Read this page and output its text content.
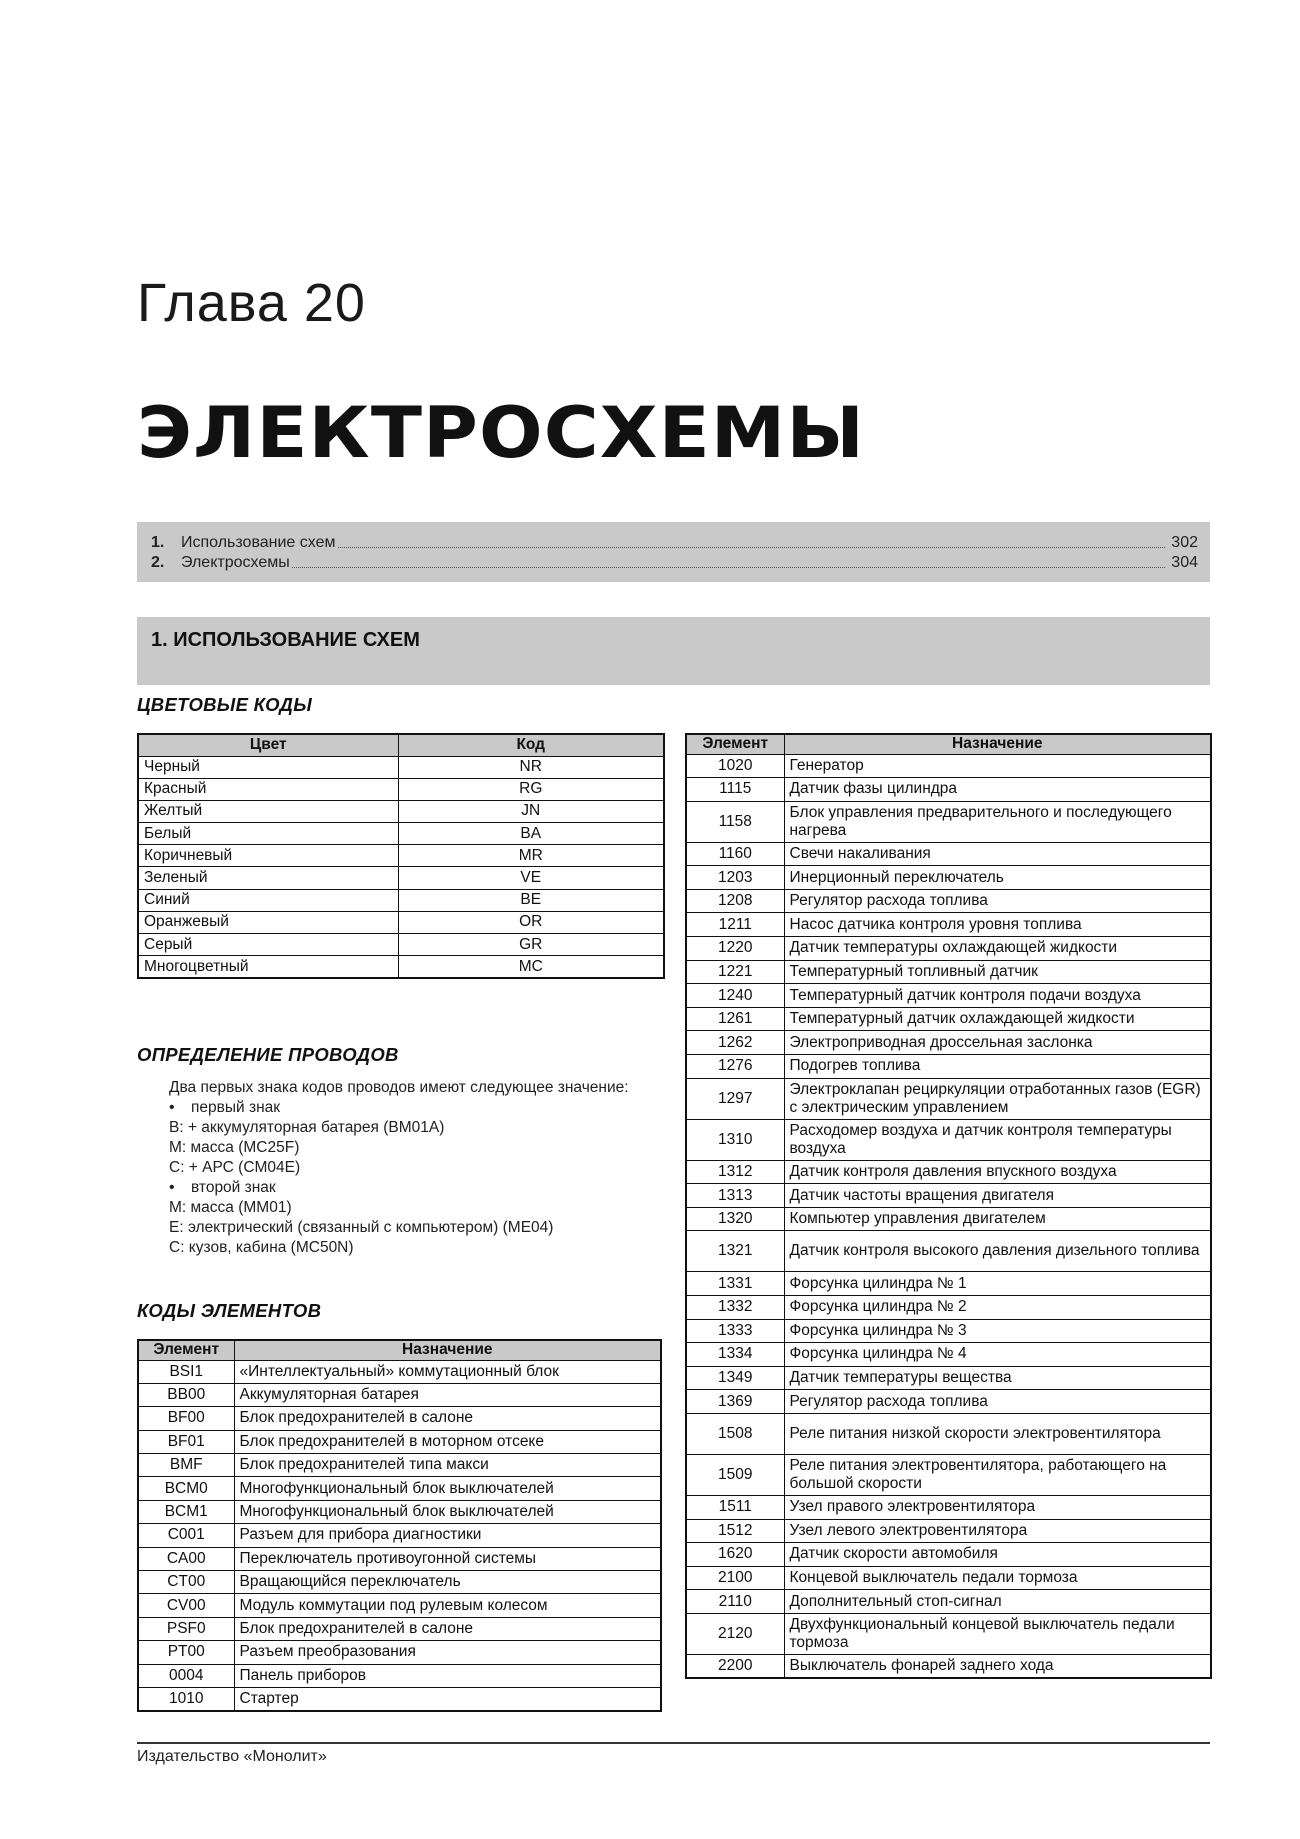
Глава 20
ЭЛЕКТРОСХЕМЫ
1.	Использование схем	302
2.	Электросхемы	304
1. ИСПОЛЬЗОВАНИЕ СХЕМ
ЦВЕТОВЫЕ КОДЫ
Цвет	Код
Черный	NR
Красный	RG
Желтый	JN
Белый	BA
Коричневый	MR
Зеленый	VE
Синий	BE
Оранжевый	OR
Серый	GR
Многоцветный	MC
ОПРЕДЕЛЕНИЕ ПРОВОДОВ
Два первых знака кодов проводов имеют следующее значение:
• первый знак
B: + аккумуляторная батарея (BM01A)
M: масса (MC25F)
C: + АРС (CM04E)
• второй знак
M: масса (MM01)
E: электрический (связанный с компьютером) (ME04)
C: кузов, кабина (MC50N)
КОДЫ ЭЛЕМЕНТОВ
Элемент	Назначение
BSI1	«Интеллектуальный» коммутационный блок
BB00	Аккумуляторная батарея
BF00	Блок предохранителей в салоне
BF01	Блок предохранителей в моторном отсеке
BMF	Блок предохранителей типа макси
BCM0	Многофункциональный блок выключателей
BCM1	Многофункциональный блок выключателей
C001	Разъем для прибора диагностики
CA00	Переключатель противоугонной системы
CT00	Вращающийся переключатель
CV00	Модуль коммутации под рулевым колесом
PSF0	Блок предохранителей в салоне
PT00	Разъем преобразования
0004	Панель приборов
1010	Стартер
Элемент	Назначение
1020	Генератор
1115	Датчик фазы цилиндра
1158	Блок управления предварительного и последующего нагрева
1160	Свечи накаливания
1203	Инерционный переключатель
1208	Регулятор расхода топлива
1211	Насос датчика контроля уровня топлива
1220	Датчик температуры охлаждающей жидкости
1221	Температурный топливный датчик
1240	Температурный датчик контроля подачи воздуха
1261	Температурный датчик охлаждающей жидкости
1262	Электроприводная дроссельная заслонка
1276	Подогрев топлива
1297	Электроклапан рециркуляции отработанных газов (EGR) с электрическим управлением
1310	Расходомер воздуха и датчик контроля температуры воздуха
1312	Датчик контроля давления впускного воздуха
1313	Датчик частоты вращения двигателя
1320	Компьютер управления двигателем
1321	Датчик контроля высокого давления дизельного топлива
1331	Форсунка цилиндра № 1
1332	Форсунка цилиндра № 2
1333	Форсунка цилиндра № 3
1334	Форсунка цилиндра № 4
1349	Датчик температуры вещества
1369	Регулятор расхода топлива
1508	Реле питания низкой скорости электровентилятора
1509	Реле питания электровентилятора, работающего на большой скорости
1511	Узел правого электровентилятора
1512	Узел левого электровентилятора
1620	Датчик скорости автомобиля
2100	Концевой выключатель педали тормоза
2110	Дополнительный стоп-сигнал
2120	Двухфункциональный концевой выключатель педали тормоза
2200	Выключатель фонарей заднего хода
Издательство «Монолит»
